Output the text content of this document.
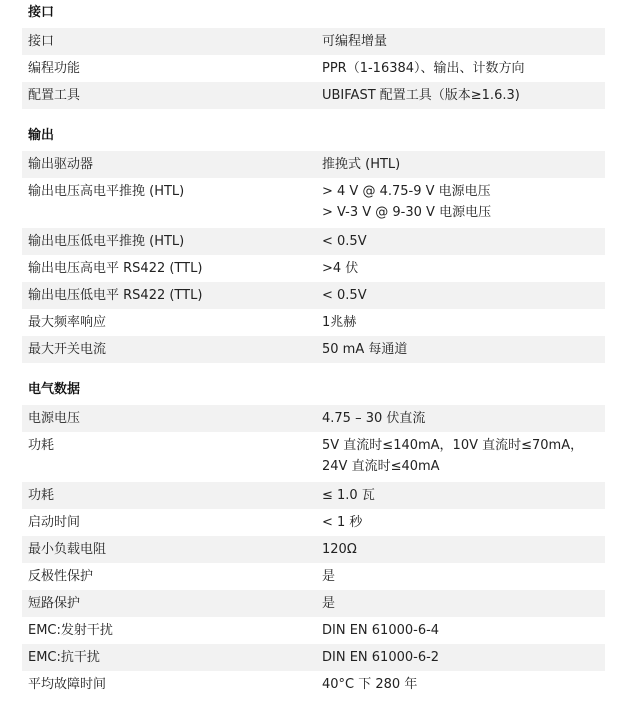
接口
接口	可编程增量

编程功能	PPR（1-16384）、输出、计数方向

配置工具	UBIFAST 配置工具（版本≥1.6.3)
输出
输出驱动器	推挽式 (HTL)

输出电压高电平推挽 (HTL)	> 4 V @ 4.75-9 V 电源电压
> V-3 V @ 9-30 V 电源电压

输出电压低电平推挽 (HTL)	< 0.5V

输出电压高电平 RS422 (TTL)	>4 伏

输出电压低电平 RS422 (TTL)	< 0.5V

最大频率响应	1兆赫

最大开关电流	50 mA 每通道
电气数据
电源电压	4.75 – 30 伏直流

功耗	5V 直流时≤140mA，10V 直流时≤70mA，
24V 直流时≤40mA

功耗	≤ 1.0 瓦

启动时间	< 1 秒

最小负载电阻	120Ω

反极性保护	是

短路保护	是

EMC:发射干扰	DIN EN 61000-6-4

EMC:抗干扰	DIN EN 61000-6-2

平均故障时间	40°C 下 280 年
